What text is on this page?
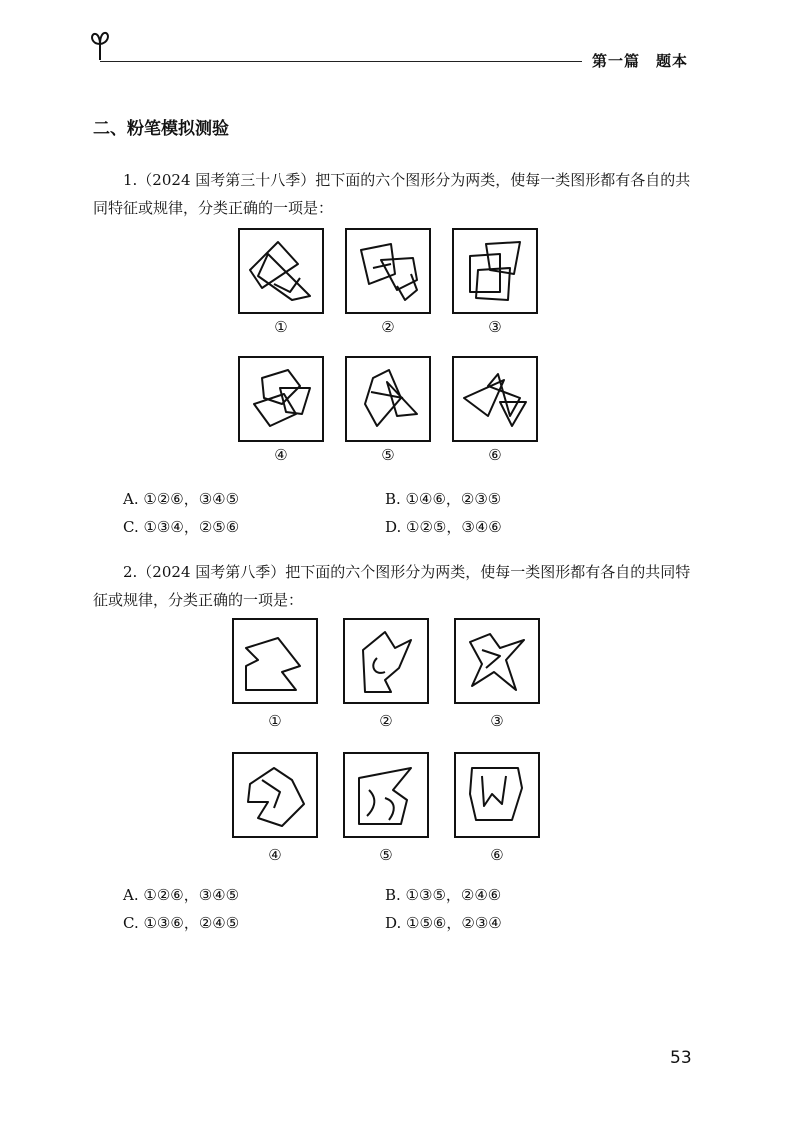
第一篇　题本
二、粉笔模拟测验
1.（2024 国考第三十八季）把下面的六个图形分为两类，使每一类图形都有各自的共同特征或规律，分类正确的一项是：
①	②	③
④	⑤	⑥
A. ①②⑥，③④⑤	B. ①④⑥，②③⑤
C. ①③④，②⑤⑥	D. ①②⑤，③④⑥
2.（2024 国考第八季）把下面的六个图形分为两类，使每一类图形都有各自的共同特征或规律，分类正确的一项是：
①	②	③
④	⑤	⑥
A. ①②⑥，③④⑤	B. ①③⑤，②④⑥
C. ①③⑥，②④⑤	D. ①⑤⑥，②③④
53
